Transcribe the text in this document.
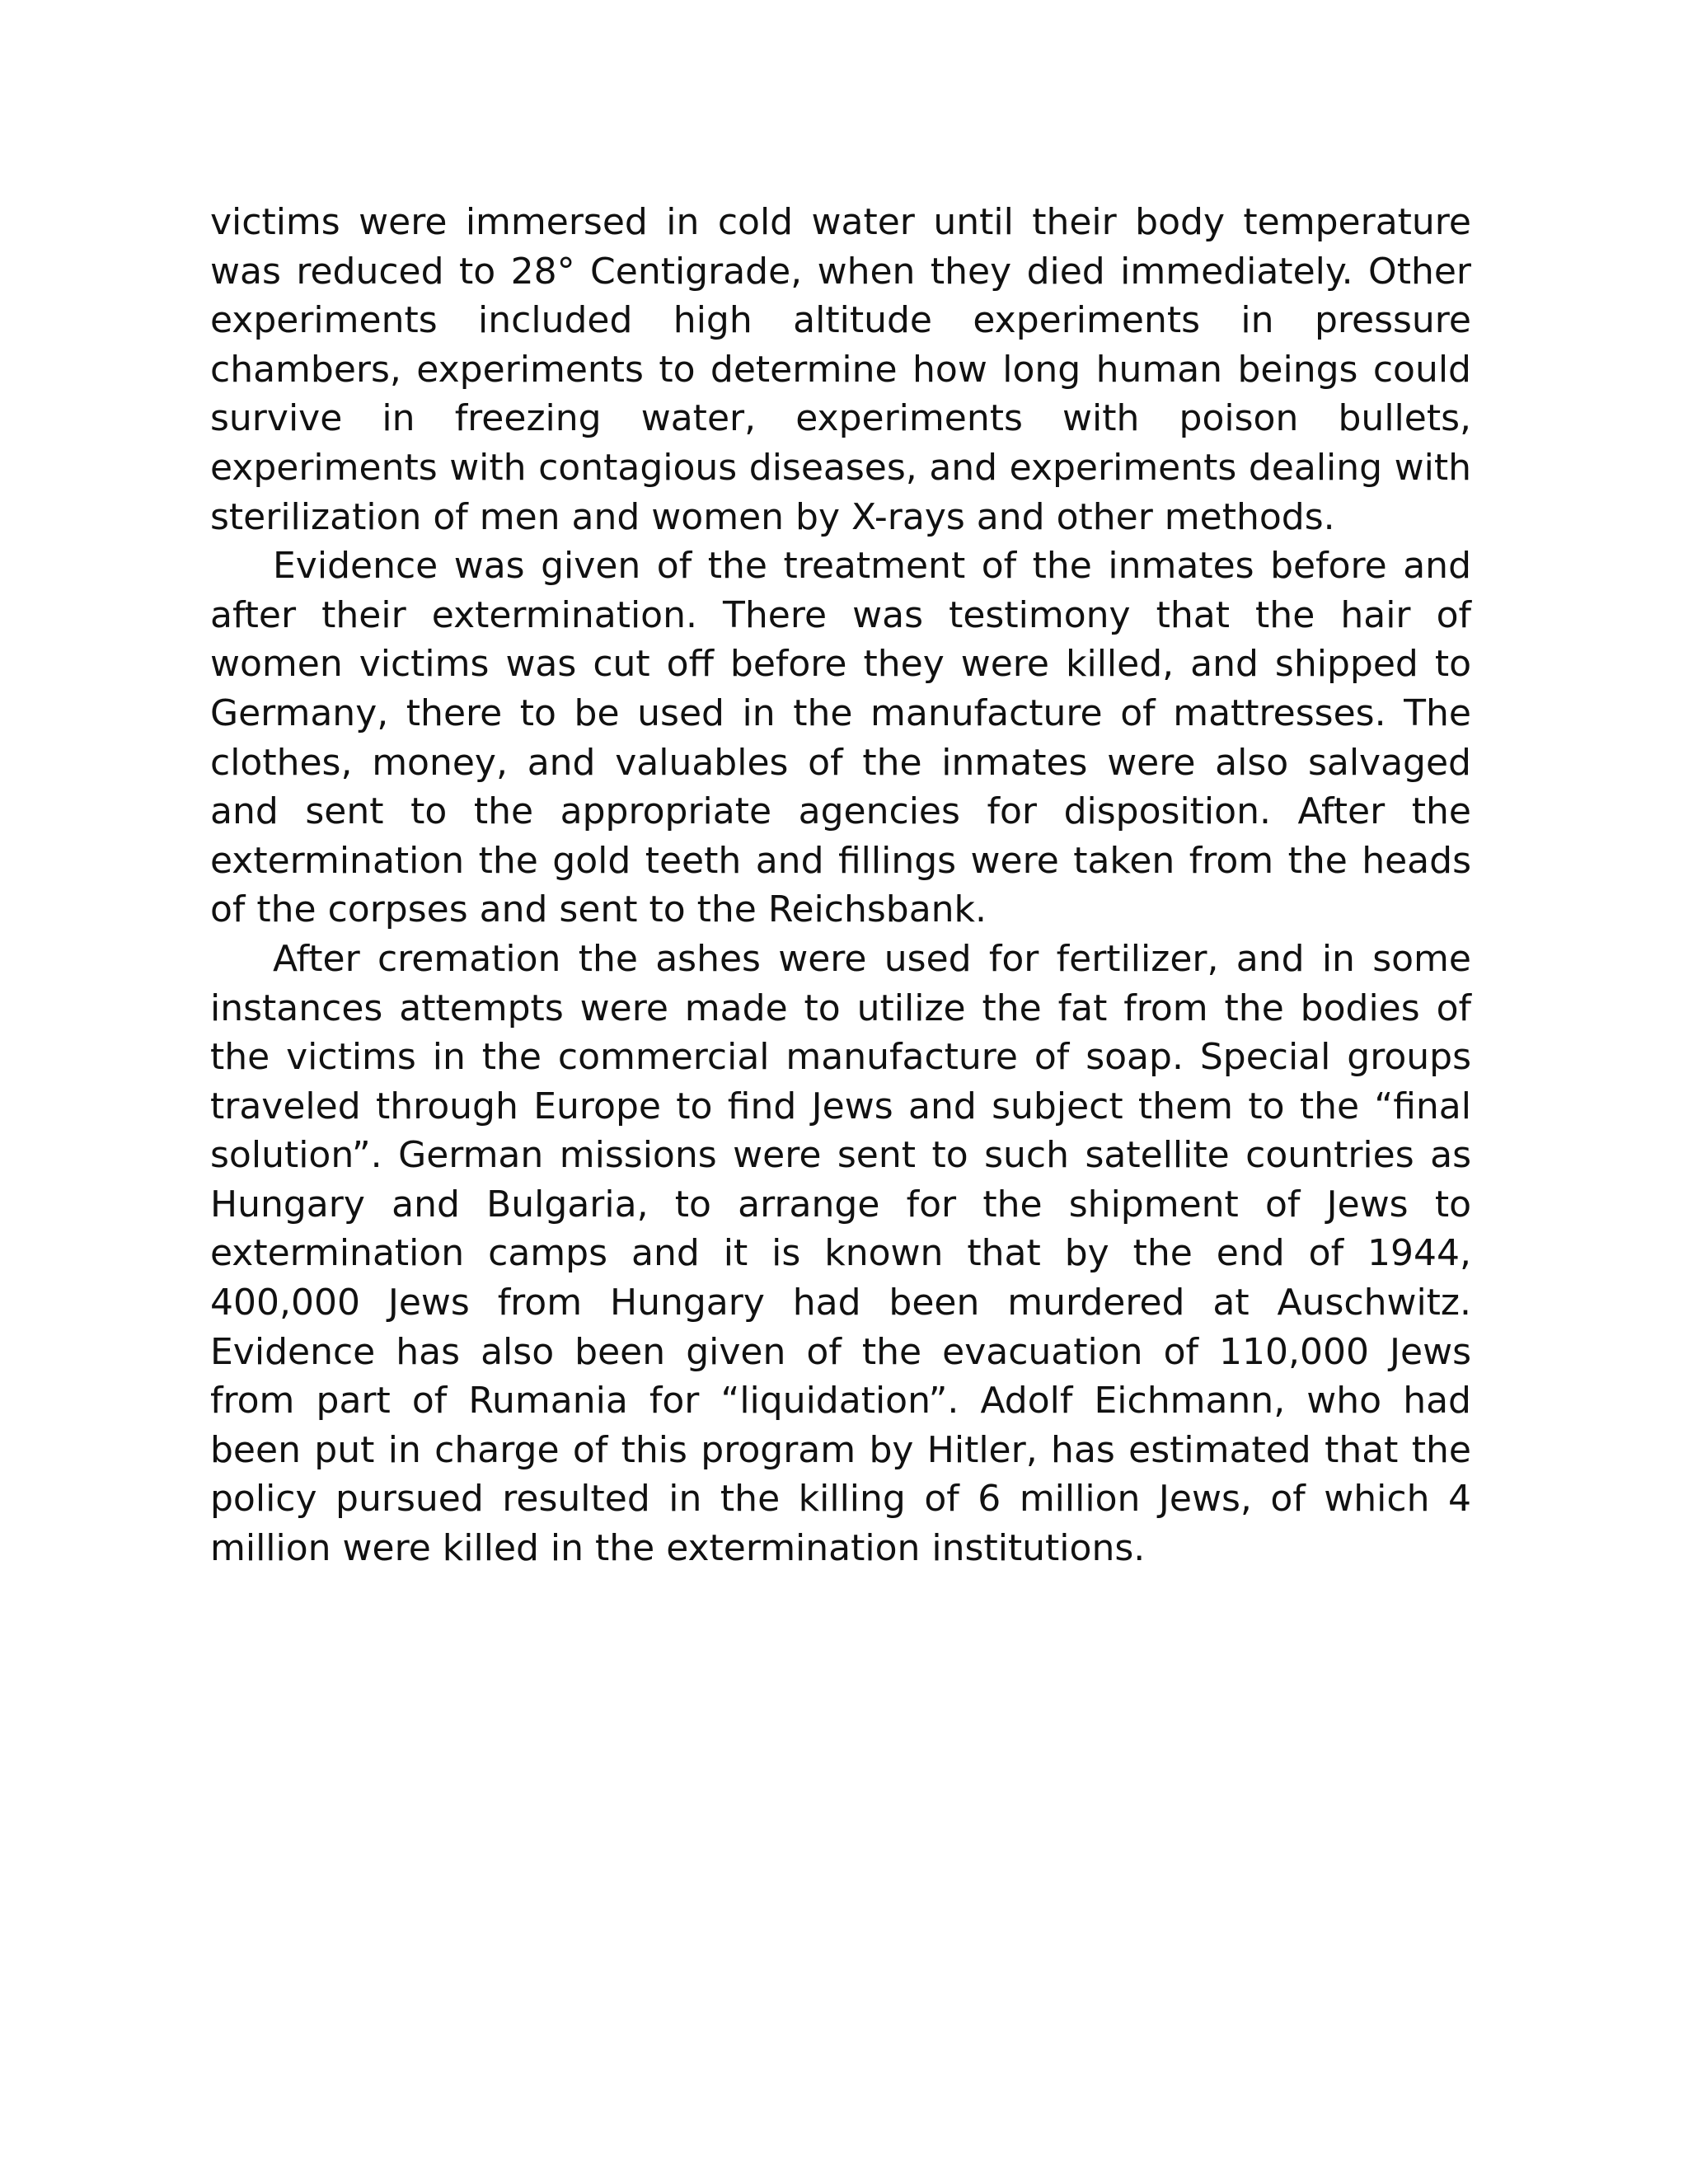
victims were immersed in cold water until their body temperature was reduced to 28° Centigrade, when they died immediately. Other experiments included high altitude experiments in pressure chambers, experiments to determine how long human beings could survive in freezing water, experiments with poison bullets, experiments with contagious diseases, and experiments dealing with sterilization of men and women by X-rays and other methods.

Evidence was given of the treatment of the inmates before and after their extermination. There was testimony that the hair of women victims was cut off before they were killed, and shipped to Germany, there to be used in the manufacture of mattresses. The clothes, money, and valuables of the inmates were also salvaged and sent to the appropriate agencies for disposition. After the extermination the gold teeth and fillings were taken from the heads of the corpses and sent to the Reichsbank.

After cremation the ashes were used for fertilizer, and in some instances attempts were made to utilize the fat from the bodies of the victims in the commercial manufacture of soap. Special groups traveled through Europe to find Jews and subject them to the “final solution”. German missions were sent to such satellite countries as Hungary and Bulgaria, to arrange for the shipment of Jews to extermination camps and it is known that by the end of 1944, 400,000 Jews from Hungary had been murdered at Auschwitz. Evidence has also been given of the evacuation of 110,000 Jews from part of Rumania for “liquidation”. Adolf Eichmann, who had been put in charge of this program by Hitler, has estimated that the policy pursued resulted in the killing of 6 million Jews, of which 4 million were killed in the extermination institutions.
